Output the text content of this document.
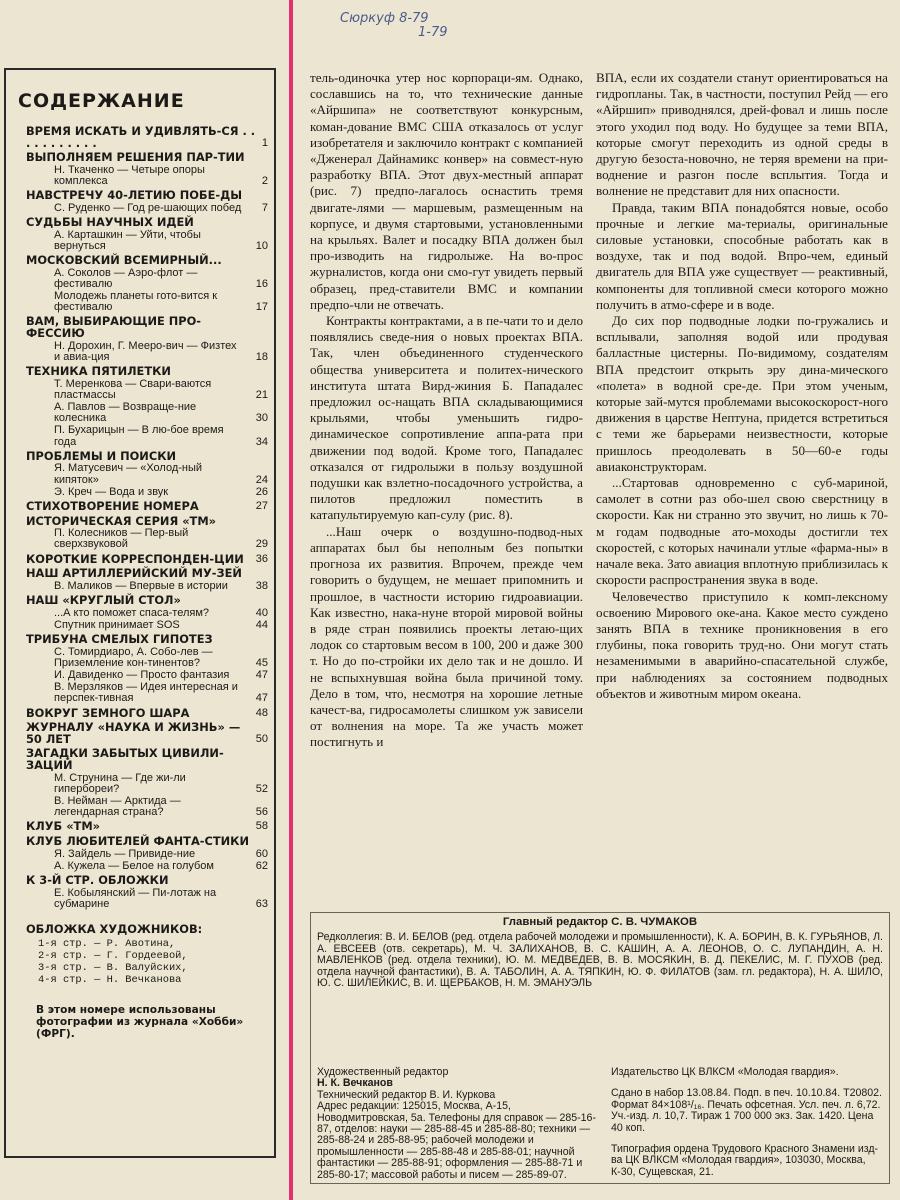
Сюркуф 8-79
1-79
СОДЕРЖАНИЕ
ВРЕМЯ ИСКАТЬ И УДИВЛЯТЬ-СЯ . . . . . . . . . . .	1
ВЫПОЛНЯЕМ РЕШЕНИЯ ПАР-ТИИ
Н. Ткаченко — Четыре опоры комплекса	2
НАВСТРЕЧУ 40-ЛЕТИЮ ПОБЕ-ДЫ
С. Руденко — Год ре-шающих побед 7
СУДЬБЫ НАУЧНЫХ ИДЕЙ
А. Карташкин — Уйти, чтобы вернуться	10
МОСКОВСКИЙ ВСЕМИРНЫЙ...
А. Соколов — Аэро-флот — фестивалю	16
Молодежь планеты гото-вится к фестивалю	17
ВАМ, ВЫБИРАЮЩИЕ ПРО-ФЕССИЮ
Н. Дорохин, Г. Мееро-вич — Физтех и авиа-ция	18
ТЕХНИКА ПЯТИЛЕТКИ
Т. Меренкова — Свари-ваются пластмассы	21
А. Павлов — Возвраще-ние колесника	30
П. Бухарицын — В лю-бое время года	34
ПРОБЛЕМЫ И ПОИСКИ
Я. Матусевич — «Холод-ный кипяток»	24
Э. Креч — Вода и звук	26
СТИХОТВОРЕНИЕ НОМЕРА	27
ИСТОРИЧЕСКАЯ СЕРИЯ «ТМ»
П. Колесников — Пер-вый сверхзвуковой	29
КОРОТКИЕ КОРРЕСПОНДЕН-ЦИИ 36
НАШ АРТИЛЛЕРИЙСКИЙ МУ-ЗЕЙ
В. Маликов — Впервые в истории	38
НАШ «КРУГЛЫЙ СТОЛ»
...А кто поможет спаса-телям?	40
Спутник принимает SOS	44
ТРИБУНА СМЕЛЫХ ГИПОТЕЗ
С. Томирдиаро, А. Собо-лев — Приземление кон-тинентов?	45
И. Давиденко — Просто фантазия 47
В. Мерзляков — Идея интересная и перспек-тивная	47
ВОКРУГ ЗЕМНОГО ШАРА	48
ЖУРНАЛУ «НАУКА И ЖИЗНЬ» — 50 ЛЕТ	50
ЗАГАДКИ ЗАБЫТЫХ ЦИВИЛИ-ЗАЦИЙ
М. Струнина — Где жи-ли гипербореи?	52
В. Нейман — Арктида — легендарная страна?	56
КЛУБ «ТМ»	58
КЛУБ ЛЮБИТЕЛЕЙ ФАНТА-СТИКИ
Я. Зайдель — Привиде-ние	60
А. Кужела — Белое на голубом	62
К 3-Й СТР. ОБЛОЖКИ
Е. Кобылянский — Пи-лотаж на субмарине	63
ОБЛОЖКА ХУДОЖНИКОВ:
1-я стр. — Р. Авотина,
2-я стр. — Г. Гордеевой,
3-я стр. — В. Валуйских,
4-я стр. — Н. Вечканова
В этом номере использованы фотографии из журнала «Хобби» (ФРГ).

тель-одиночка утер нос корпораци-ям. Однако, сославшись на то, что технические данные «Айршипа» не соответствуют конкурсным, коман-дование ВМС США отказалось от услуг изобретателя и заключило контракт с компанией «Дженерал Дайнамикс конвер» на совмест-ную разработку ВПА. Этот двух-местный аппарат (рис. 7) предпо-лагалось оснастить тремя двигате-лями — маршевым, размещенным на корпусе, и двумя стартовыми, установленными на крыльях. Валет и посадку ВПА должен был про-изводить на гидролыже. На во-прос журналистов, когда они смо-гут увидеть первый образец, пред-ставители ВМС и компании предпо-чли не отвечать.

Контракты контрактами, а в пе-чати то и дело появлялись сведе-ния о новых проектах ВПА. Так, член объединенного студенческого общества университета и политех-нического института штата Вирд-жиния Б. Пападалес предложил ос-нащать ВПА складывающимися крыльями, чтобы уменьшить гидро-динамическое сопротивление аппа-рата при движении под водой. Кроме того, Пападалес отказался от гидролыжи в пользу воздушной подушки как взлетно-посадочного устройства, а пилотов предложил поместить в катапультируемую кап-сулу (рис. 8).

...Наш очерк о воздушно-подвод-ных аппаратах был бы неполным без попытки прогноза их развития. Впрочем, прежде чем говорить о будущем, не мешает припомнить и прошлое, в частности историю гидроавиации. Как известно, нака-нуне второй мировой войны в ряде стран появились проекты летаю-щих лодок со стартовым весом в 100, 200 и даже 300 т. Но до по-стройки их дело так и не дошло. И не вспыхнувшая война была причиной тому. Дело в том, что, несмотря на хорошие летные качест-ва, гидросамолеты слишком уж зависели от волнения на море. Та же участь может постигнуть и

ВПА, если их создатели станут ориентироваться на гидропланы. Так, в частности, поступил Рейд — его «Айршип» приводнялся, дрей-фовал и лишь после этого уходил под воду. Но будущее за теми ВПА, которые смогут переходить из одной среды в другую безоста-новочно, не теряя времени на при-воднение и разгон после всплытия. Тогда и волнение не представит для них опасности.

Правда, таким ВПА понадобятся новые, особо прочные и легкие ма-териалы, оригинальные силовые установки, способные работать как в воздухе, так и под водой. Впро-чем, единый двигатель для ВПА уже существует — реактивный, компоненты для топливной смеси которого можно получить в атмо-сфере и в воде.

До сих пор подводные лодки по-гружались и всплывали, заполняя водой или продувая балластные цистерны. По-видимому, создателям ВПА предстоит открыть эру дина-мического «полета» в водной сре-де. При этом ученым, которые зай-мутся проблемами высокоскорост-ного движения в царстве Нептуна, придется встретиться с теми же барьерами неизвестности, которые пришлось преодолевать в 50—60-е годы авиаконструкторам.

...Стартовав одновременно с суб-мариной, самолет в сотни раз обо-шел свою сверстницу в скорости. Как ни странно это звучит, но лишь к 70-м годам подводные ато-моходы достигли тех скоростей, с которых начинали утлые «фарма-ны» в начале века. Зато авиация вплотную приблизилась к скорости распространения звука в воде.

Человечество приступило к комп-лексному освоению Мирового оке-ана. Какое место суждено занять ВПА в технике проникновения в его глубины, пока говорить труд-но. Они могут стать незаменимыми в аварийно-спасательной службе, при наблюдениях за состоянием подводных объектов и животным миром океана.

Главный редактор С. В. ЧУМАКОВ
Редколлегия: В. И. БЕЛОВ (ред. отдела рабочей молодежи и промышленности), К. А. БОРИН, В. К. ГУРЬЯНОВ, Л. А. ЕВСЕЕВ (отв. секретарь), М. Ч. ЗАЛИХАНОВ, В. С. КАШИН, А. А. ЛЕОНОВ, О. С. ЛУПАНДИН, А. Н. МАВЛЕНКОВ (ред. отдела техники), Ю. М. МЕДВЕДЕВ, В. В. МОСЯКИН, В. Д. ПЕКЕЛИС, М. Г. ПУХОВ (ред. отдела научной фантастики), В. А. ТАБОЛИН, А. А. ТЯПКИН, Ю. Ф. ФИЛАТОВ (зам. гл. редактора), Н. А. ШИЛО, Ю. С. ШИЛЕЙКИС, В. И. ЩЕРБАКОВ, Н. М. ЭМАНУЭЛЬ
Художественный редактор
Н. К. Вечканов
Технический редактор В. И. Куркова
Адрес редакции: 125015, Москва, А-15, Новодмитровская, 5а. Телефоны для справок — 285-16-87, отделов: науки — 285-88-45 и 285-88-80; техники — 285-88-24 и 285-88-95; рабочей молодежи и промышленности — 285-88-48 и 285-88-01; научной фантастики — 285-88-91; оформления — 285-88-71 и 285-80-17; массовой работы и писем — 285-89-07.
Издательство ЦК ВЛКСМ «Молодая гвардия».
Сдано в набор 13.08.84. Подп. в печ. 10.10.84. Т20802. Формат 84×108¹/₁₆. Печать офсетная. Усл. печ. л. 6,72. Уч.-изд. л. 10,7. Тираж 1 700 000 экз. Зак. 1420. Цена 40 коп.
Типография ордена Трудового Красного Знамени изд-ва ЦК ВЛКСМ «Молодая гвардия», 103030, Москва, К-30, Сущевская, 21.
